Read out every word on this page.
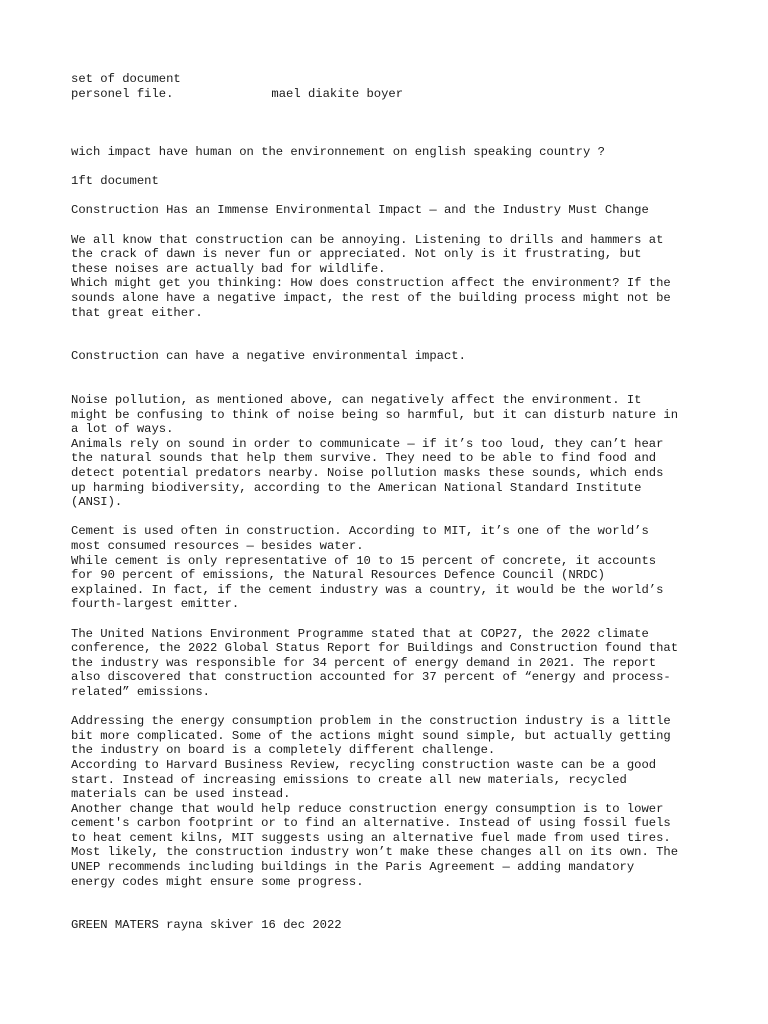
set of document
personel file.	mael diakite boyer
wich impact have human on the environnement on english speaking country ?
1ft document
Construction Has an Immense Environmental Impact — and the Industry Must Change

We all know that construction can be annoying. Listening to drills and hammers at
the crack of dawn is never fun or appreciated. Not only is it frustrating, but
these noises are actually bad for wildlife.
Which might get you thinking: How does construction affect the environment? If the
sounds alone have a negative impact, the rest of the building process might not be
that great either.

Construction can have a negative environmental impact.

Noise pollution, as mentioned above, can negatively affect the environment. It
might be confusing to think of noise being so harmful, but it can disturb nature in
a lot of ways.
Animals rely on sound in order to communicate — if it’s too loud, they can’t hear
the natural sounds that help them survive. They need to be able to find food and
detect potential predators nearby. Noise pollution masks these sounds, which ends
up harming biodiversity, according to the American National Standard Institute
(ANSI).

Cement is used often in construction. According to MIT, it’s one of the world’s
most consumed resources — besides water.
While cement is only representative of 10 to 15 percent of concrete, it accounts
for 90 percent of emissions, the Natural Resources Defence Council (NRDC)
explained. In fact, if the cement industry was a country, it would be the world’s
fourth-largest emitter.

The United Nations Environment Programme stated that at COP27, the 2022 climate
conference, the 2022 Global Status Report for Buildings and Construction found that
the industry was responsible for 34 percent of energy demand in 2021. The report
also discovered that construction accounted for 37 percent of “energy and process-
related” emissions.

Addressing the energy consumption problem in the construction industry is a little
bit more complicated. Some of the actions might sound simple, but actually getting
the industry on board is a completely different challenge.
According to Harvard Business Review, recycling construction waste can be a good
start. Instead of increasing emissions to create all new materials, recycled
materials can be used instead.
Another change that would help reduce construction energy consumption is to lower
cement's carbon footprint or to find an alternative. Instead of using fossil fuels
to heat cement kilns, MIT suggests using an alternative fuel made from used tires.
Most likely, the construction industry won’t make these changes all on its own. The
UNEP recommends including buildings in the Paris Agreement — adding mandatory
energy codes might ensure some progress.

GREEN MATERS rayna skiver 16 dec 2022
